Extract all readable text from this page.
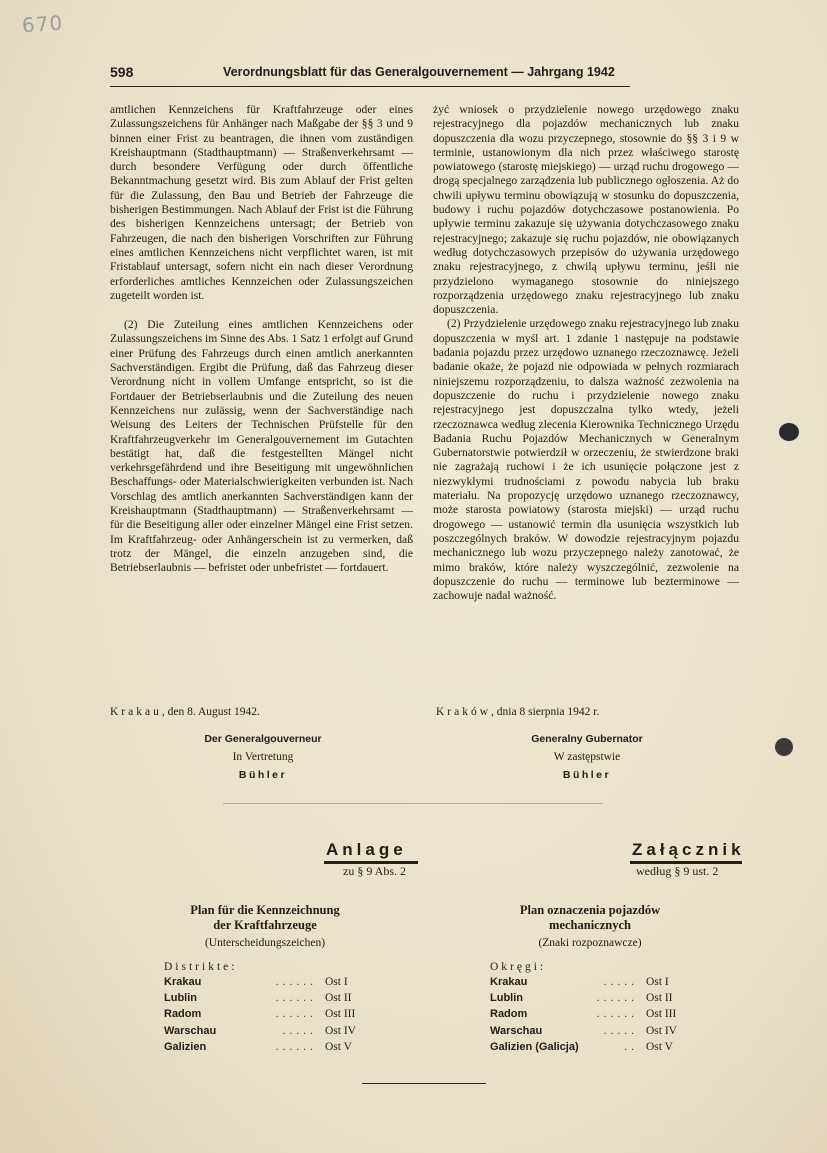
670
598	Verordnungsblatt für das Generalgouvernement — Jahrgang 1942

amtlichen Kennzeichens für Kraftfahrzeuge oder eines Zulassungszeichens für Anhänger nach Maßgabe der §§ 3 und 9 binnen einer Frist zu beantragen, die ihnen vom zuständigen Kreishauptmann (Stadthauptmann) — Straßenverkehrsamt — durch besondere Verfügung oder durch öffentliche Bekanntmachung gesetzt wird. Bis zum Ablauf der Frist gelten für die Zulassung, den Bau und Betrieb der Fahrzeuge die bisherigen Bestimmungen. Nach Ablauf der Frist ist die Führung des bisherigen Kennzeichens untersagt; der Betrieb von Fahrzeugen, die nach den bisherigen Vorschriften zur Führung eines amtlichen Kennzeichens nicht verpflichtet waren, ist mit Fristablauf untersagt, sofern nicht ein nach dieser Verordnung erforderliches amtliches Kennzeichen oder Zulassungszeichen zugeteilt worden ist.

(2) Die Zuteilung eines amtlichen Kennzeichens oder Zulassungszeichens im Sinne des Abs. 1 Satz 1 erfolgt auf Grund einer Prüfung des Fahrzeugs durch einen amtlich anerkannten Sachverständigen. Ergibt die Prüfung, daß das Fahrzeug dieser Verordnung nicht in vollem Umfange entspricht, so ist die Fortdauer der Betriebserlaubnis und die Zuteilung des neuen Kennzeichens nur zulässig, wenn der Sachverständige nach Weisung des Leiters der Technischen Prüfstelle für den Kraftfahrzeugverkehr im Generalgouvernement im Gutachten bestätigt hat, daß die festgestellten Mängel nicht verkehrsgefährdend und ihre Beseitigung mit ungewöhnlichen Beschaffungs- oder Materialschwierigkeiten verbunden ist. Nach Vorschlag des amtlich anerkannten Sachverständigen kann der Kreishauptmann (Stadthauptmann) — Straßenverkehrsamt — für die Beseitigung aller oder einzelner Mängel eine Frist setzen. Im Kraftfahrzeug- oder Anhängerschein ist zu vermerken, daß trotz der Mängel, die einzeln anzugeben sind, die Betriebserlaubnis — befristet oder unbefristet — fortdauert.

żyć wniosek o przydzielenie nowego urzędowego znaku rejestracyjnego dla pojazdów mechanicznych lub znaku dopuszczenia dla wozu przyczepnego, stosownie do §§ 3 i 9 w terminie, ustanowionym dla nich przez właściwego starostę powiatowego (starostę miejskiego) — urząd ruchu drogowego — drogą specjalnego zarządzenia lub publicznego ogłoszenia. Aż do chwili upływu terminu obowiązują w stosunku do dopuszczenia, budowy i ruchu pojazdów dotychczasowe postanowienia. Po upływie terminu zakazuje się używania dotychczasowego znaku rejestracyjnego; zakazuje się ruchu pojazdów, nie obowiązanych według dotychczasowych przepisów do używania urzędowego znaku rejestracyjnego, z chwilą upływu terminu, jeśli nie przydzielono wymaganego stosownie do niniejszego rozporządzenia urzędowego znaku rejestracyjnego lub znaku dopuszczenia.

(2) Przydzielenie urzędowego znaku rejestracyjnego lub znaku dopuszczenia w myśl art. 1 zdanie 1 następuje na podstawie badania pojazdu przez urzędowo uznanego rzeczoznawcę. Jeżeli badanie okaże, że pojazd nie odpowiada w pełnych rozmiarach niniejszemu rozporządzeniu, to dalsza ważność zezwolenia na dopuszczenie do ruchu i przydzielenie nowego znaku rejestracyjnego jest dopuszczalna tylko wtedy, jeżeli rzeczoznawca według zlecenia Kierownika Technicznego Urzędu Badania Ruchu Pojazdów Mechanicznych w Generalnym Gubernatorstwie potwierdził w orzeczeniu, że stwierdzone braki nie zagrażają ruchowi i że ich usunięcie połączone jest z niezwykłymi trudnościami z powodu nabycia lub braku materiału. Na propozycję urzędowo uznanego rzeczoznawcy, może starosta powiatowy (starosta miejski) — urząd ruchu drogowego — ustanowić termin dla usunięcia wszystkich lub poszczególnych braków. W dowodzie rejestracyjnym pojazdu mechanicznego lub wozu przyczepnego należy zanotować, że mimo braków, które należy wyszczególnić, zezwolenie na dopuszczenie do ruchu — terminowe lub bezterminowe — zachowuje nadal ważność.

Krakau, den 8. August 1942.
Der Generalgouverneur
In Vertretung
Bühler
Kraków, dnia 8 sierpnia 1942 r.
Generalny Gubernator
W zastępstwie
Bühler
Anlage
zu § 9 Abs. 2
Plan für die Kennzeichnung
der Kraftfahrzeuge
(Unterscheidungszeichen)
Distrikte:
Krakau	...... Ost I
Lublin	...... Ost II
Radom	...... Ost III
Warschau	..... Ost IV
Galizien	...... Ost V
Załącznik
według § 9 ust. 2
Plan oznaczenia pojazdów
mechanicznych
(Znaki rozpoznawcze)
Okręgi:
Krakau	..... Ost I
Lublin	...... Ost II
Radom	...... Ost III
Warschau	..... Ost IV
Galizien (Galicja)	.. Ost V
